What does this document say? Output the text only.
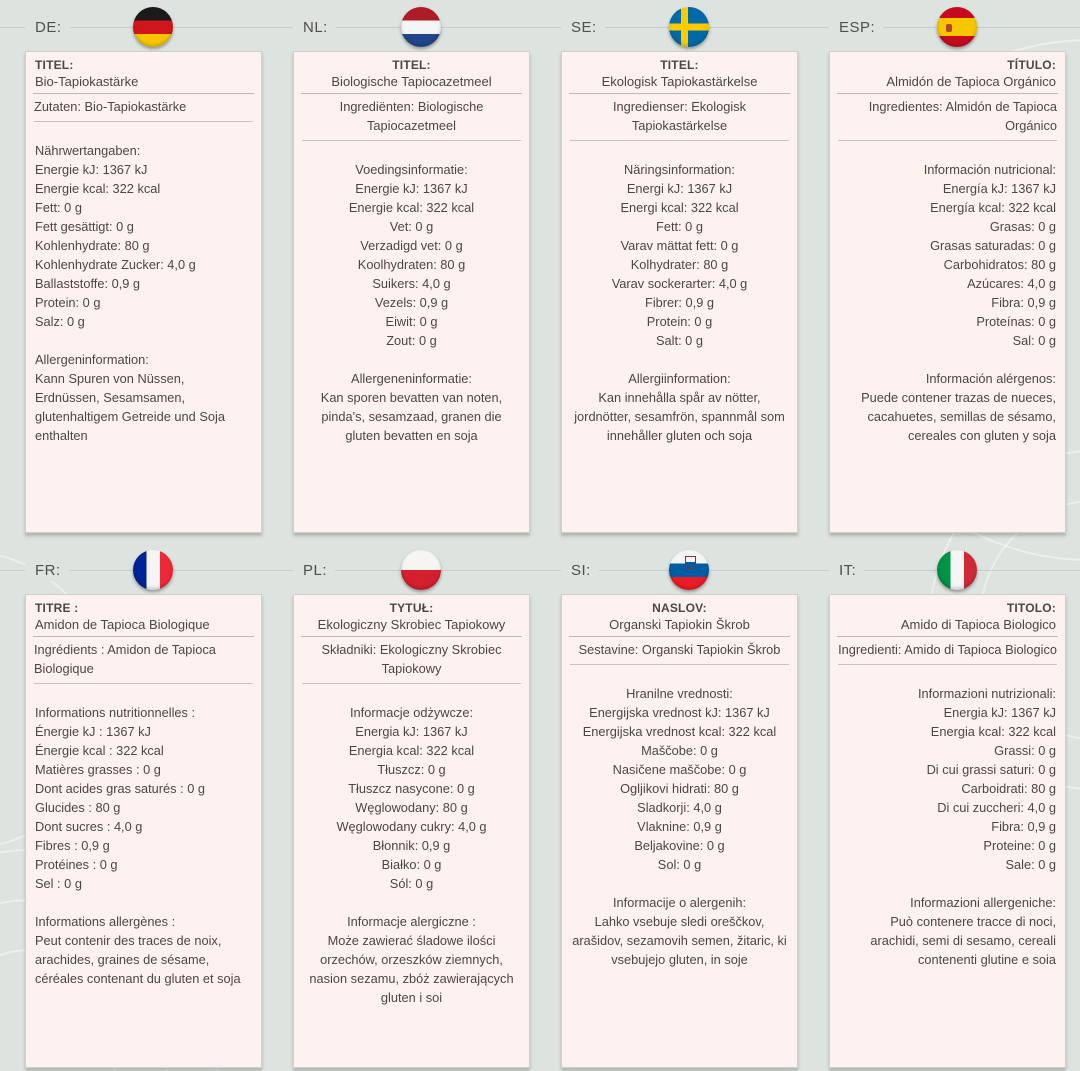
DE:
TITEL:
Bio-Tapiokastärke
Zutaten: Bio-Tapiokastärke
Nährwertangaben:
Energie kJ: 1367 kJ
Energie kcal: 322 kcal
Fett: 0 g
Fett gesättigt: 0 g
Kohlenhydrate: 80 g
Kohlenhydrate Zucker: 4,0 g
Ballaststoffe: 0,9 g
Protein: 0 g
Salz: 0 g
Allergeninformation:
Kann Spuren von Nüssen, Erdnüssen, Sesamsamen, glutenhaltigem Getreide und Soja enthalten
NL:
TITEL:
Biologische Tapiocazetmeel
Ingrediënten: Biologische Tapiocazetmeel
Voedingsinformatie:
Energie kJ: 1367 kJ
Energie kcal: 322 kcal
Vet: 0 g
Verzadigd vet: 0 g
Koolhydraten: 80 g
Suikers: 4,0 g
Vezels: 0,9 g
Eiwit: 0 g
Zout: 0 g
Allergeneninformatie:
Kan sporen bevatten van noten, pinda's, sesamzaad, granen die gluten bevatten en soja
SE:
TITEL:
Ekologisk Tapiokastärkelse
Ingredienser: Ekologisk Tapiokastärkelse
Näringsinformation:
Energi kJ: 1367 kJ
Energi kcal: 322 kcal
Fett: 0 g
Varav mättat fett: 0 g
Kolhydrater: 80 g
Varav sockerarter: 4,0 g
Fibrer: 0,9 g
Protein: 0 g
Salt: 0 g
Allergiinformation:
Kan innehålla spår av nötter, jordnötter, sesamfrön, spannmål som innehåller gluten och soja
ESP:
TÍTULO:
Almidón de Tapioca Orgánico
Ingredientes: Almidón de Tapioca Orgánico
Información nutricional:
Energía kJ: 1367 kJ
Energía kcal: 322 kcal
Grasas: 0 g
Grasas saturadas: 0 g
Carbohidratos: 80 g
Azúcares: 4,0 g
Fibra: 0,9 g
Proteínas: 0 g
Sal: 0 g
Información alérgenos:
Puede contener trazas de nueces, cacahuetes, semillas de sésamo, cereales con gluten y soja
FR:
TITRE :
Amidon de Tapioca Biologique
Ingrédients : Amidon de Tapioca Biologique
Informations nutritionnelles :
Énergie kJ : 1367 kJ
Énergie kcal : 322 kcal
Matières grasses : 0 g
Dont acides gras saturés : 0 g
Glucides : 80 g
Dont sucres : 4,0 g
Fibres : 0,9 g
Protéines : 0 g
Sel : 0 g
Informations allergènes :
Peut contenir des traces de noix, arachides, graines de sésame, céréales contenant du gluten et soja
PL:
TYTUŁ:
Ekologiczny Skrobiec Tapiokowy
Składniki: Ekologiczny Skrobiec Tapiokowy
Informacje odżywcze:
Energia kJ: 1367 kJ
Energia kcal: 322 kcal
Tłuszcz: 0 g
Tłuszcz nasycone: 0 g
Węglowodany: 80 g
Węglowodany cukry: 4,0 g
Błonnik: 0,9 g
Białko: 0 g
Sól: 0 g
Informacje alergiczne :
Może zawierać śladowe ilości orzechów, orzeszków ziemnych, nasion sezamu, zbóż zawierających gluten i soi
SI:
NASLOV:
Organski Tapiokin Škrob
Sestavine: Organski Tapiokin Škrob
Hranilne vrednosti:
Energijska vrednost kJ: 1367 kJ
Energijska vrednost kcal: 322 kcal
Maščobe: 0 g
Nasičene maščobe: 0 g
Ogljikovi hidrati: 80 g
Sladkorji: 4,0 g
Vlaknine: 0,9 g
Beljakovine: 0 g
Sol: 0 g
Informacije o alergenih:
Lahko vsebuje sledi oreščkov, arašidov, sezamovih semen, žitaric, ki vsebujejo gluten, in soje
IT:
TITOLO:
Amido di Tapioca Biologico
Ingredienti: Amido di Tapioca Biologico
Informazioni nutrizionali:
Energia kJ: 1367 kJ
Energia kcal: 322 kcal
Grassi: 0 g
Di cui grassi saturi: 0 g
Carboidrati: 80 g
Di cui zuccheri: 4,0 g
Fibra: 0,9 g
Proteine: 0 g
Sale: 0 g
Informazioni allergeniche:
Può contenere tracce di noci, arachidi, semi di sesamo, cereali contenenti glutine e soia
